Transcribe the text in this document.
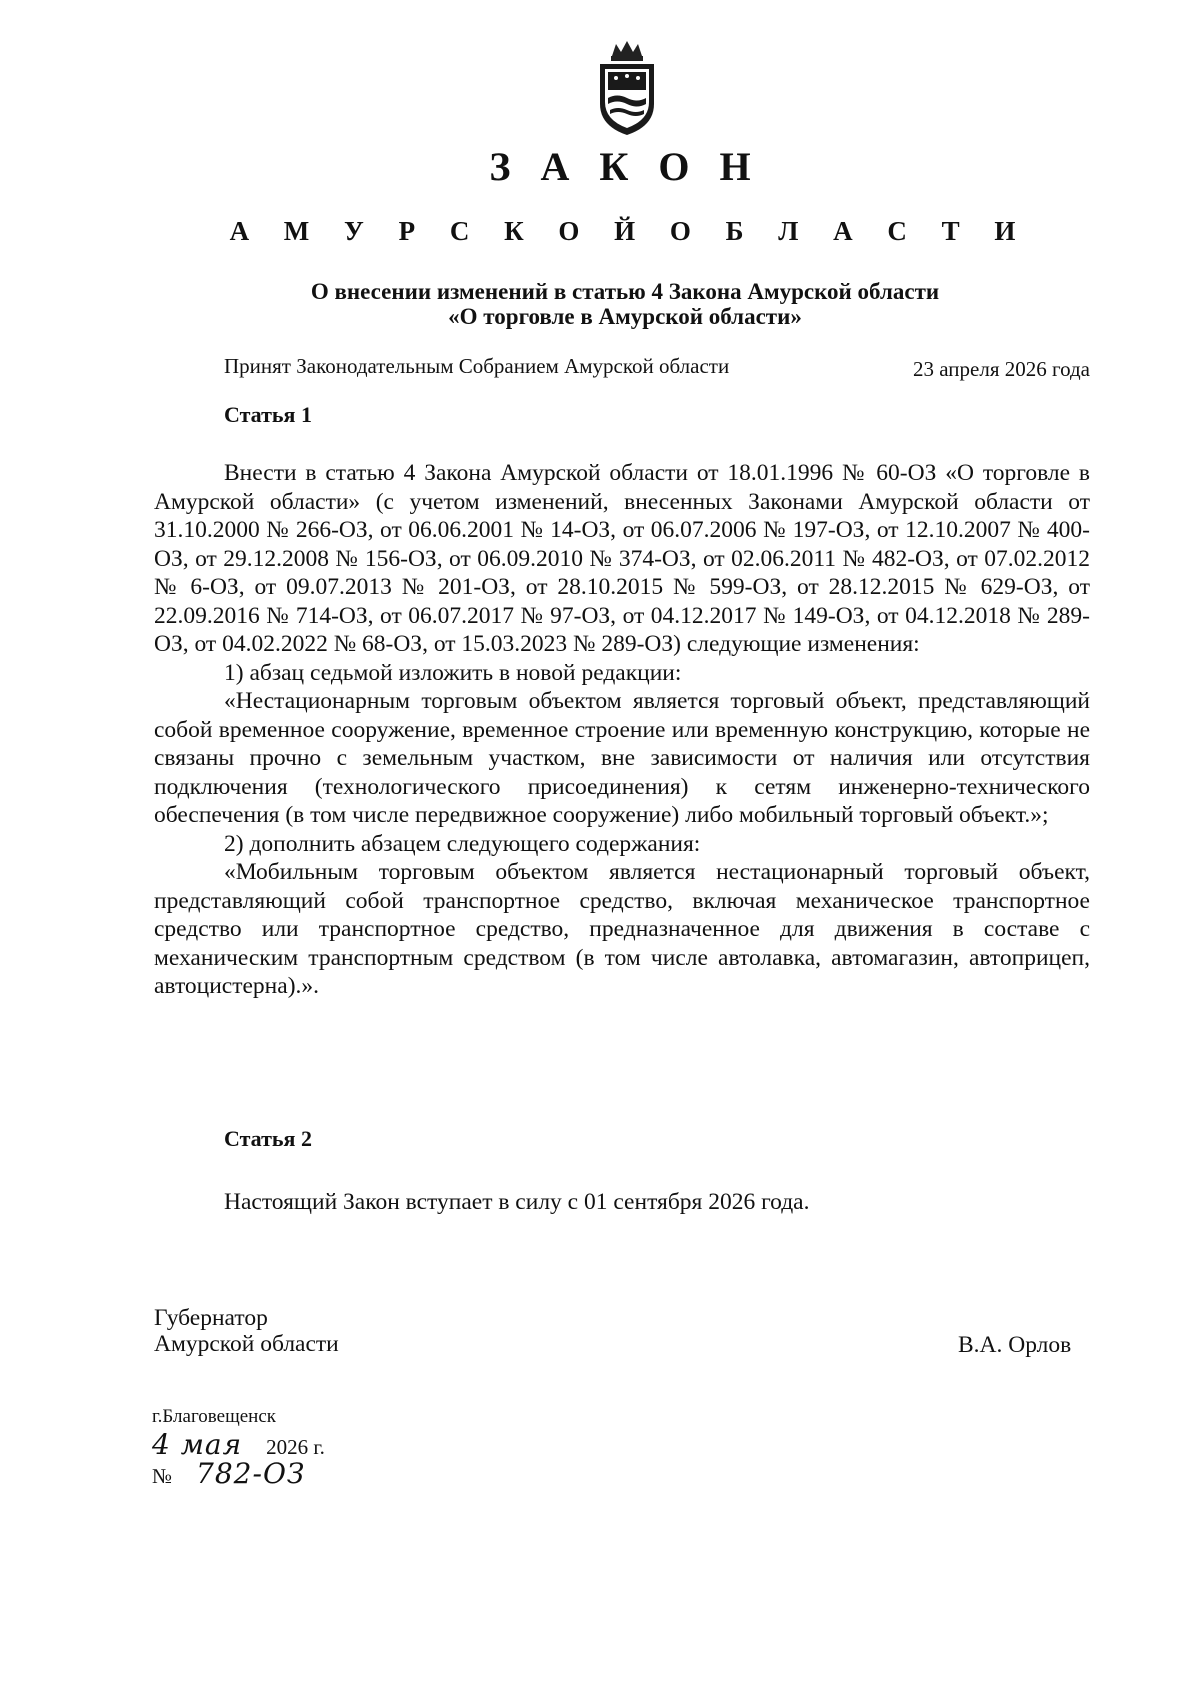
З А К О Н
А М У Р С К О Й О Б Л А С Т И
О внесении изменений в статью 4 Закона Амурской области
«О торговле в Амурской области»
Принят Законодательным Собранием Амурской области	23 апреля 2026 года
Статья 1

Внести в статью 4 Закона Амурской области от 18.01.1996 № 60-ОЗ «О торговле в Амурской области» (с учетом изменений, внесенных Законами Амурской области от 31.10.2000 № 266-ОЗ, от 06.06.2001 № 14-ОЗ, от 06.07.2006 № 197-ОЗ, от 12.10.2007 № 400-ОЗ, от 29.12.2008 № 156-ОЗ, от 06.09.2010 № 374-ОЗ, от 02.06.2011 № 482-ОЗ, от 07.02.2012 № 6-ОЗ, от 09.07.2013 № 201-ОЗ, от 28.10.2015 № 599-ОЗ, от 28.12.2015 № 629-ОЗ, от 22.09.2016 № 714-ОЗ, от 06.07.2017 № 97-ОЗ, от 04.12.2017 № 149-ОЗ, от 04.12.2018 № 289-ОЗ, от 04.02.2022 № 68-ОЗ, от 15.03.2023 № 289-ОЗ) следующие изменения:

1) абзац седьмой изложить в новой редакции:

«Нестационарным торговым объектом является торговый объект, представляющий собой временное сооружение, временное строение или временную конструкцию, которые не связаны прочно с земельным участком, вне зависимости от наличия или отсутствия подключения (технологического присоединения) к сетям инженерно-технического обеспечения (в том числе передвижное сооружение) либо мобильный торговый объект.»;

2) дополнить абзацем следующего содержания:

«Мобильным торговым объектом является нестационарный торговый объект, представляющий собой транспортное средство, включая механическое транспортное средство или транспортное средство, предназначенное для движения в составе с механическим транспортным средством (в том числе автолавка, автомагазин, автоприцеп, автоцистерна).».

Статья 2

Настоящий Закон вступает в силу с 01 сентября 2026 года.

Губернатор
Амурской области	В.А. Орлов
г.Благовещенск
4 мая 2026 г.
№ 782-ОЗ
